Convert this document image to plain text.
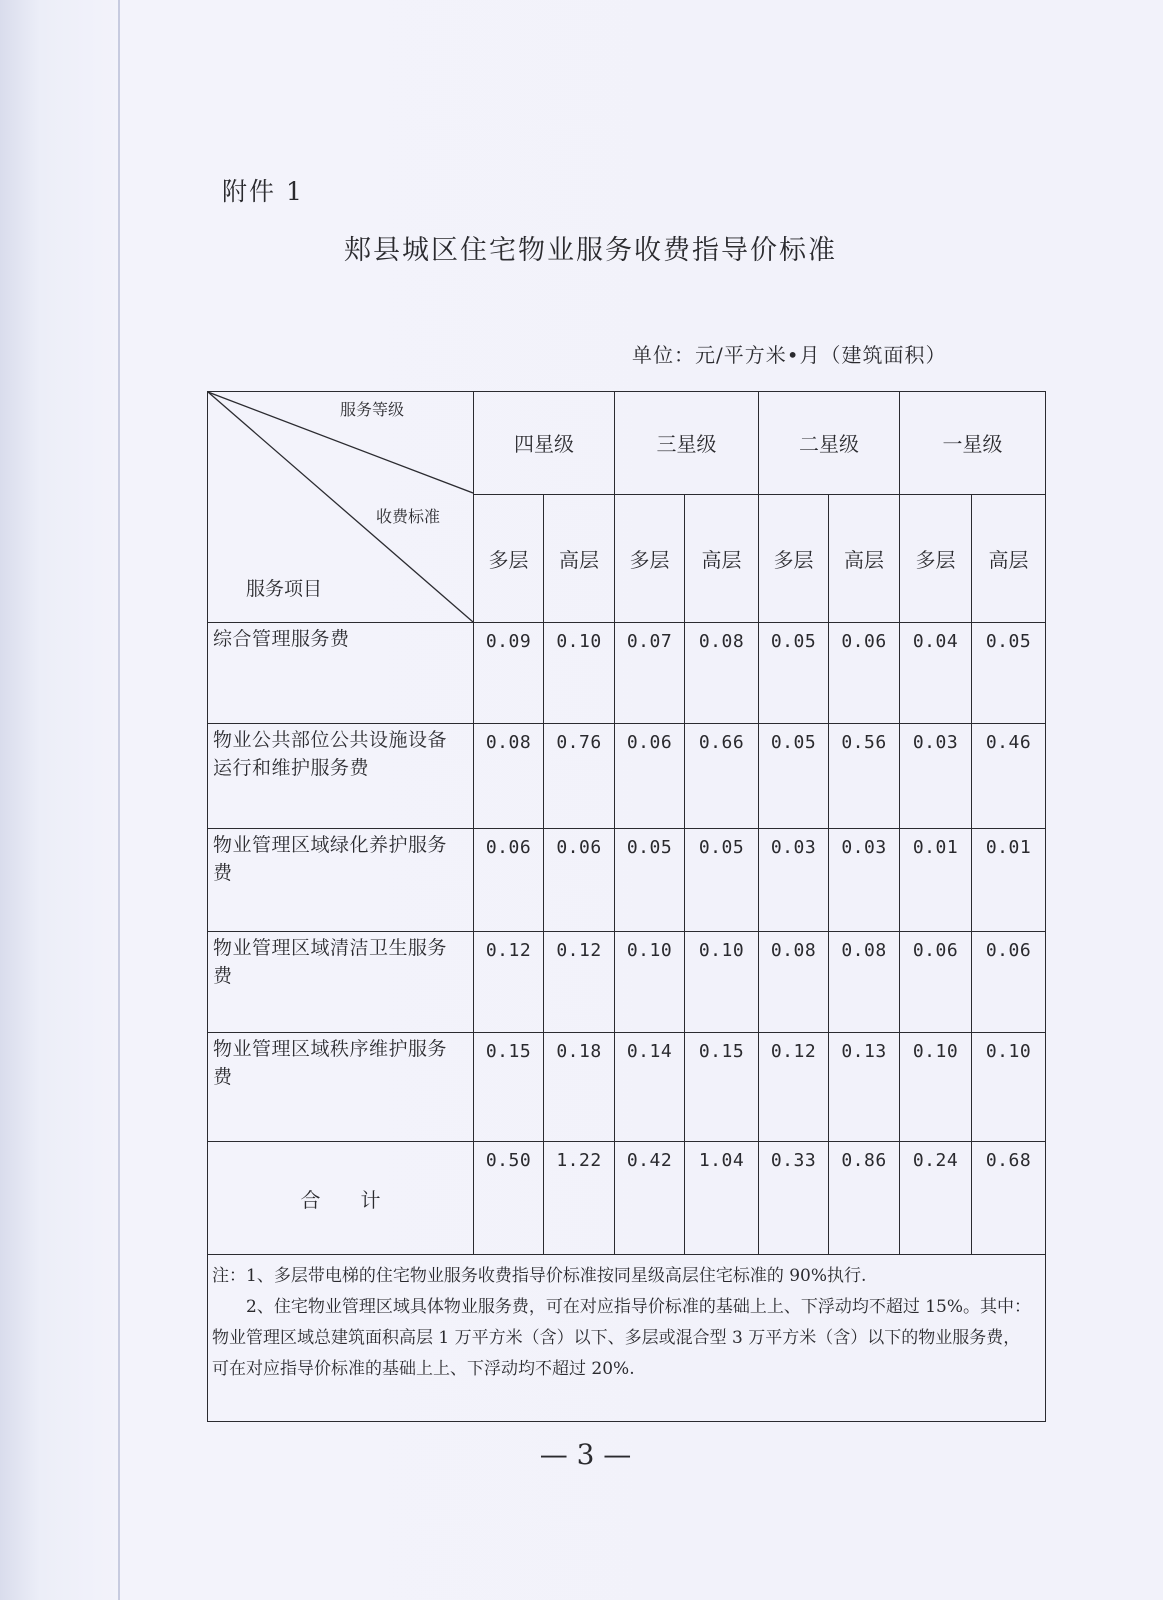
附件 1
郏县城区住宅物业服务收费指导价标准
单位：元/平方米•月（建筑面积）
服务等级
收费标准
服务项目	四星级		三星级		二星级		一星级	
	多层	高层	多层	高层	多层	高层	多层	高层
综合管理服务费	0.09	0.10	0.07	0.08	0.05	0.06	0.04	0.05
物业公共部位公共设施设备运行和维护服务费	0.08	0.76	0.06	0.66	0.05	0.56	0.03	0.46
物业管理区域绿化养护服务费	0.06	0.06	0.05	0.05	0.03	0.03	0.01	0.01
物业管理区域清洁卫生服务费	0.12	0.12	0.10	0.10	0.08	0.08	0.06	0.06
物业管理区域秩序维护服务费	0.15	0.18	0.14	0.15	0.12	0.13	0.10	0.10
合计	0.50	1.22	0.42	1.04	0.33	0.86	0.24	0.68

注：1、多层带电梯的住宅物业服务收费指导价标准按同星级高层住宅标准的 90%执行.

2、住宅物业管理区域具体物业服务费，可在对应指导价标准的基础上上、下浮动均不超过 15%。其中：物业管理区域总建筑面积高层 1 万平方米（含）以下、多层或混合型 3 万平方米（含）以下的物业服务费，可在对应指导价标准的基础上上、下浮动均不超过 20%.								

— 3 —
